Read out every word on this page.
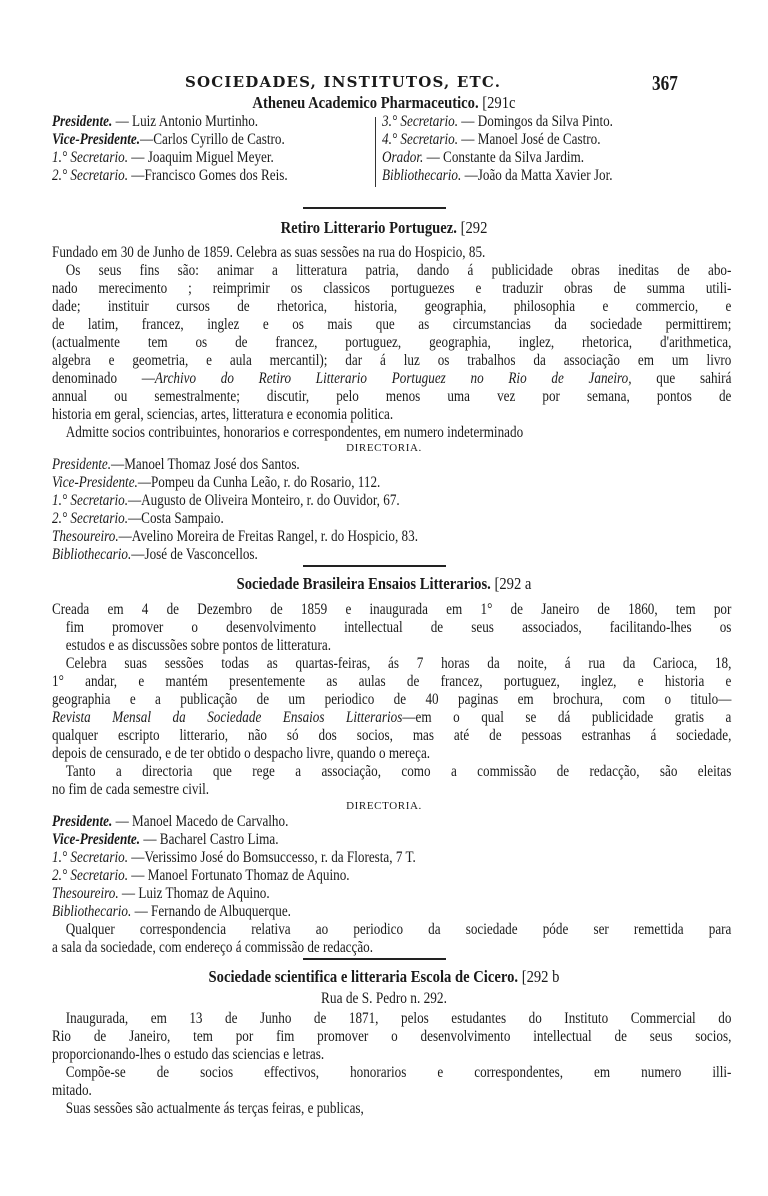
SOCIEDADES, INSTITUTOS, ETC.	367
Atheneu Academico Pharmaceutico. [291c
Presidente. — Luiz Antonio Murtinho.
Vice-Presidente.—Carlos Cyrillo de Castro.
1.° Secretario. — Joaquim Miguel Meyer.
2.° Secretario. —Francisco Gomes dos Reis.
3.° Secretario. — Domingos da Silva Pinto.
4.° Secretario. — Manoel José de Castro.
Orador. — Constante da Silva Jardim.
Bibliothecario. —João da Matta Xavier Jor.
Retiro Litterario Portuguez. [292
Fundado em 30 de Junho de 1859. Celebra as suas sessões na rua do Hospicio, 85.
Os seus fins são: animar a litteratura patria, dando á publicidade obras ineditas de abo-
nado merecimento ; reimprimir os classicos portuguezes e traduzir obras de summa utili-
dade; instituir cursos de rhetorica, historia, geographia, philosophia e commercio, e
de latim, francez, inglez e os mais que as circumstancias da sociedade permittirem;
(actualmente tem os de francez, portuguez, geographia, inglez, rhetorica, d'arithmetica,
algebra e geometria, e aula mercantil); dar á luz os trabalhos da associação em um livro
denominado —Archivo do Retiro Litterario Portuguez no Rio de Janeiro, que sahirá
annual ou semestralmente; discutir, pelo menos uma vez por semana, pontos de
historia em geral, sciencias, artes, litteratura e economia politica.
Admitte socios contribuintes, honorarios e correspondentes, em numero indeterminado
DIRECTORIA.
Presidente.—Manoel Thomaz José dos Santos.
Vice-Presidente.—Pompeu da Cunha Leão, r. do Rosario, 112.
1.° Secretario.—Augusto de Oliveira Monteiro, r. do Ouvidor, 67.
2.° Secretario.—Costa Sampaio.
Thesoureiro.—Avelino Moreira de Freitas Rangel, r. do Hospicio, 83.
Bibliothecario.—José de Vasconcellos.
Sociedade Brasileira Ensaios Litterarios. [292 a
Creada em 4 de Dezembro de 1859 e inaugurada em 1° de Janeiro de 1860, tem por
fim promover o desenvolvimento intellectual de seus associados, facilitando-lhes os
estudos e as discussões sobre pontos de litteratura.
Celebra suas sessões todas as quartas-feiras, ás 7 horas da noite, á rua da Carioca, 18,
1° andar, e mantém presentemente as aulas de francez, portuguez, inglez, e historia e
geographia e a publicação de um periodico de 40 paginas em brochura, com o titulo—
Revista Mensal da Sociedade Ensaios Litterarios—em o qual se dá publicidade gratis a
qualquer escripto litterario, não só dos socios, mas até de pessoas estranhas á sociedade,
depois de censurado, e de ter obtido o despacho livre, quando o mereça.
Tanto a directoria que rege a associação, como a commissão de redacção, são eleitas
no fim de cada semestre civil.
DIRECTORIA.
Presidente. — Manoel Macedo de Carvalho.
Vice-Presidente. — Bacharel Castro Lima.
1.° Secretario. —Verissimo José do Bomsuccesso, r. da Floresta, 7 T.
2.° Secretario. — Manoel Fortunato Thomaz de Aquino.
Thesoureiro. — Luiz Thomaz de Aquino.
Bibliothecario. — Fernando de Albuquerque.
Qualquer correspondencia relativa ao periodico da sociedade póde ser remettida para
a sala da sociedade, com endereço á commissão de redacção.
Sociedade scientifica e litteraria Escola de Cicero. [292 b
Rua de S. Pedro n. 292.
Inaugurada, em 13 de Junho de 1871, pelos estudantes do Instituto Commercial do
Rio de Janeiro, tem por fim promover o desenvolvimento intellectual de seus socios,
proporcionando-lhes o estudo das sciencias e letras.
Compõe-se de socios effectivos, honorarios e correspondentes, em numero illi-
mitado.
Suas sessões são actualmente ás terças feiras, e publicas,
